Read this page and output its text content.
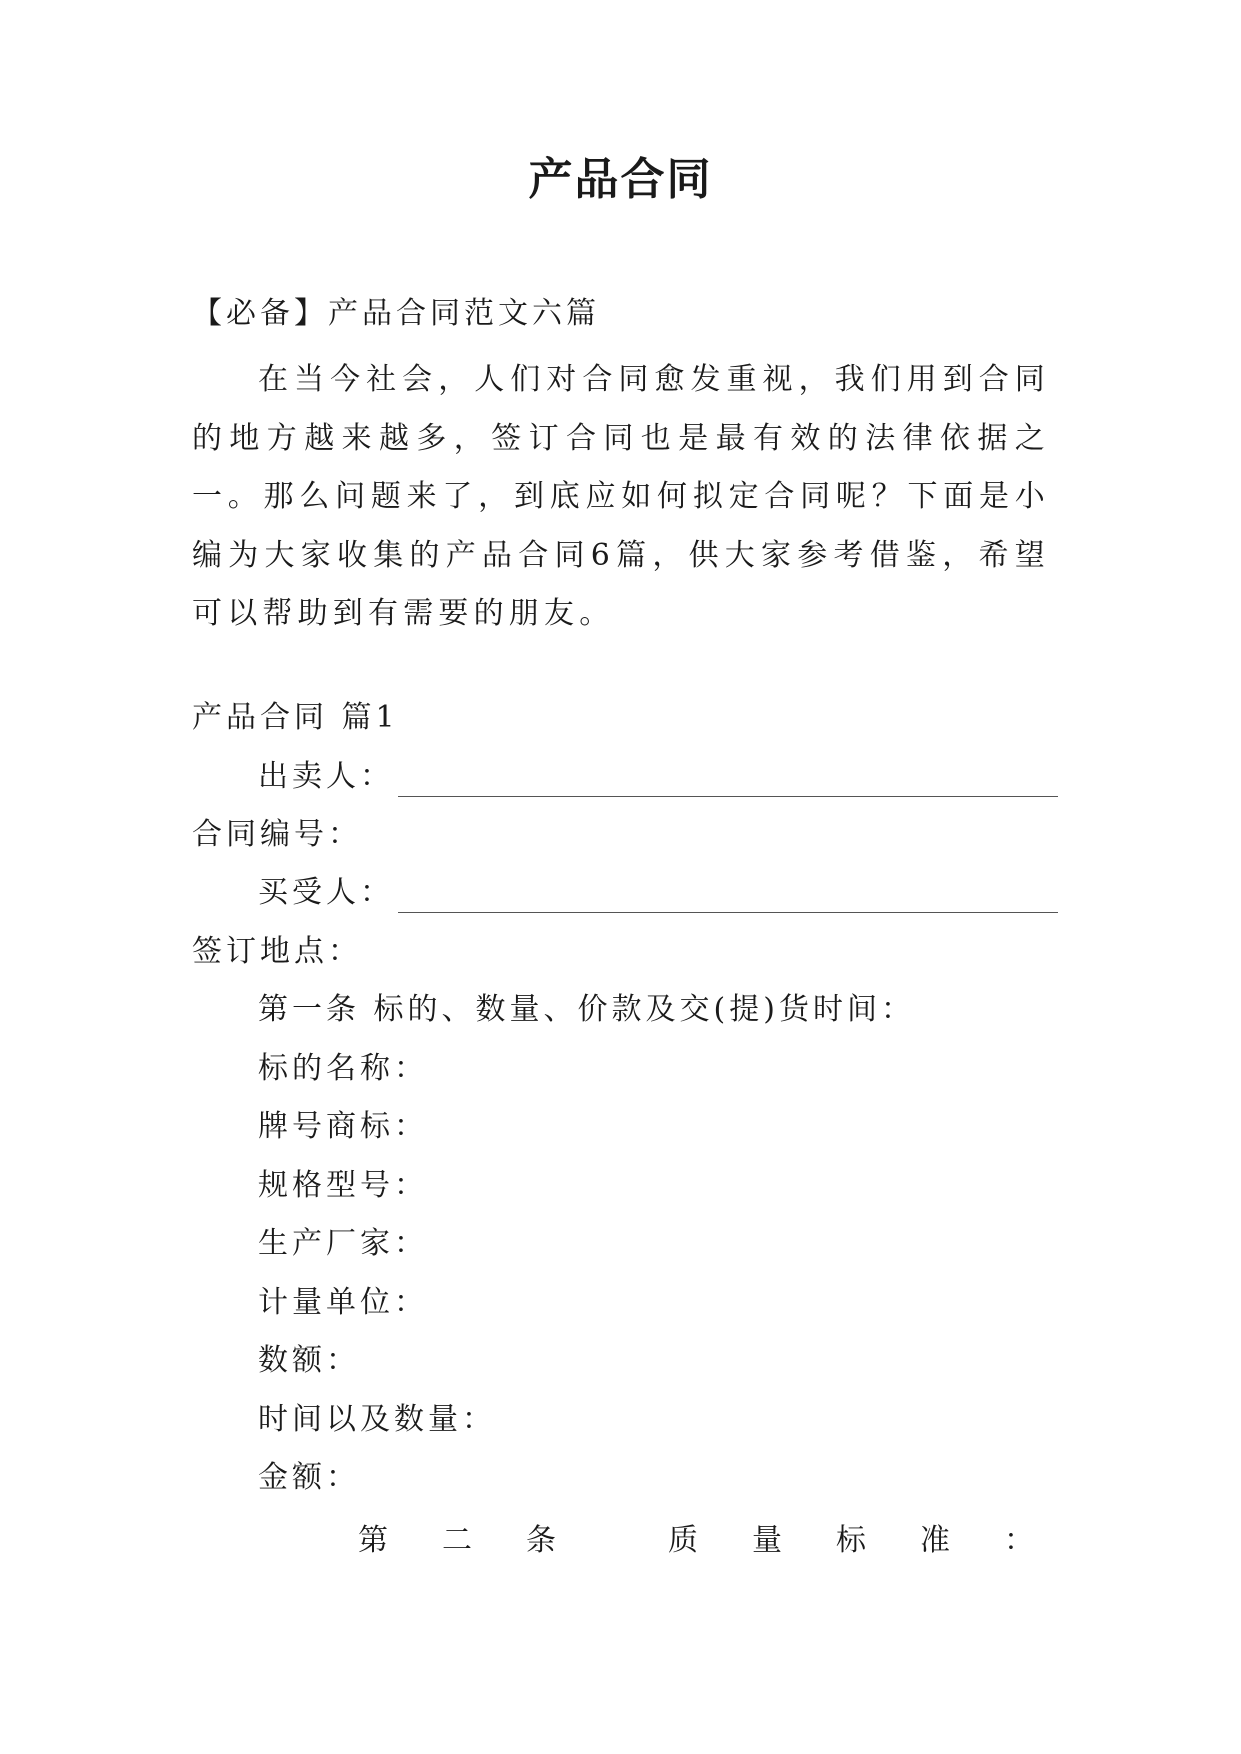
产品合同
【必备】产品合同范文六篇
在当今社会，人们对合同愈发重视，我们用到合同的地方越来越多，签订合同也是最有效的法律依据之一。那么问题来了，到底应如何拟定合同呢？下面是小编为大家收集的产品合同6篇，供大家参考借鉴，希望可以帮助到有需要的朋友。
产品合同 篇1
出卖人：
合同编号：
买受人：
签订地点：
第一条 标的、数量、价款及交(提)货时间：
标的名称：
牌号商标：
规格型号：
生产厂家：
计量单位：
数额：
时间以及数量：
金额：
第 二 条	质 量 标 准 ：
